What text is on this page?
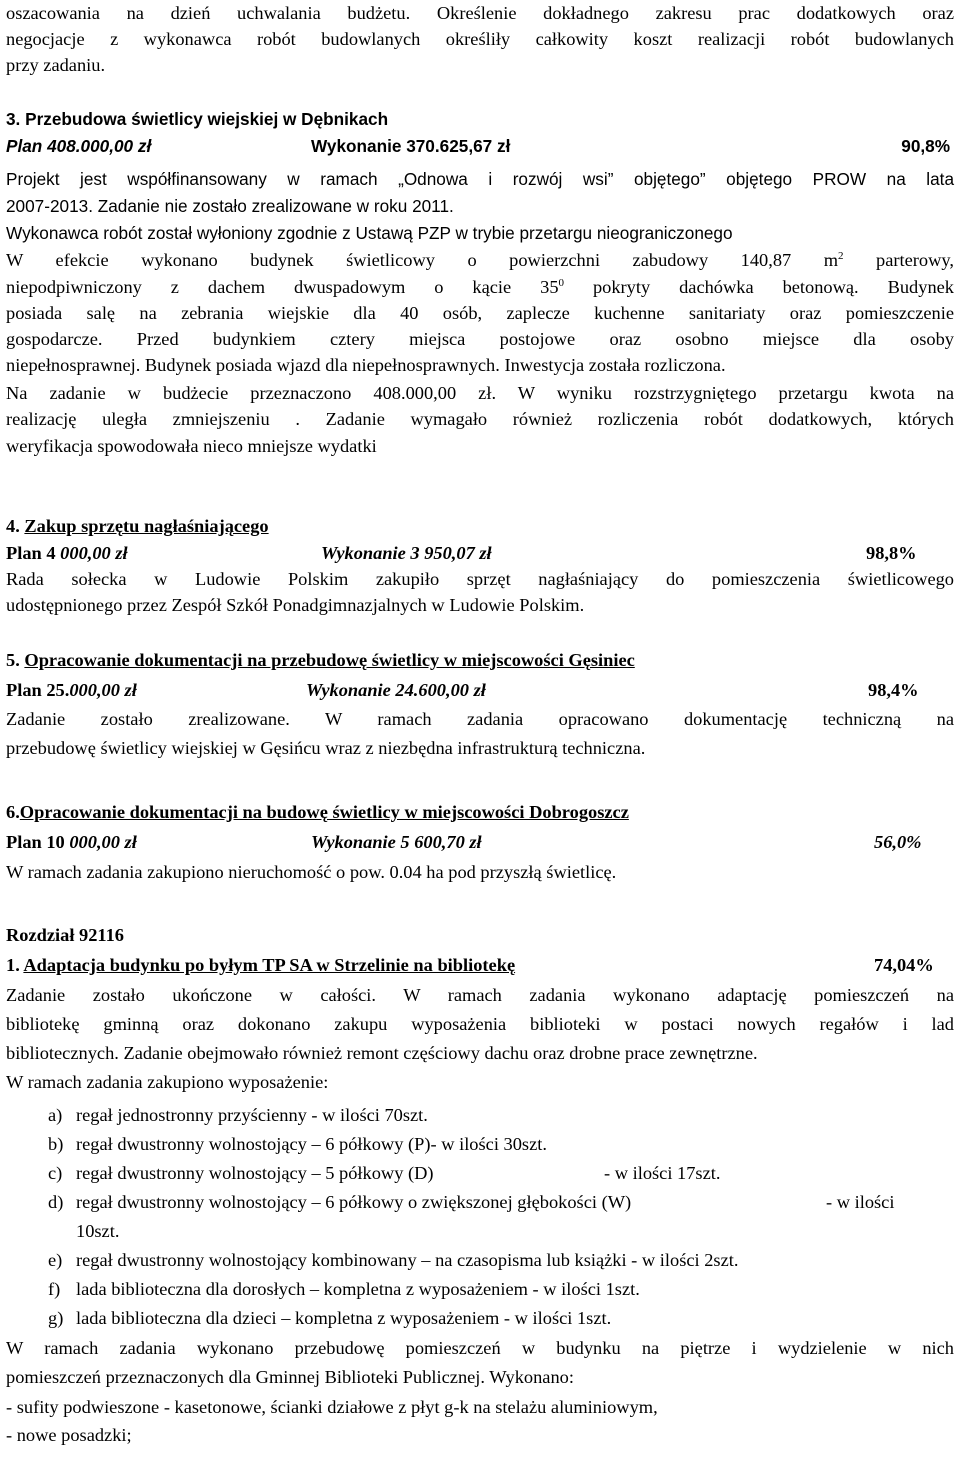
oszacowania na dzień uchwalania budżetu. Określenie dokładnego zakresu prac dodatkowych oraz
negocjacje z wykonawca robót budowlanych określiły całkowity koszt realizacji robót budowlanych
przy zadaniu.
3. Przebudowa świetlicy wiejskiej w Dębnikach
Plan 408.000,00 zł	Wykonanie 370.625,67 zł	90,8%
Projekt jest współfinansowany w ramach „Odnowa i rozwój wsi” objętego” objętego PROW na lata
2007-2013. Zadanie nie zostało zrealizowane w roku 2011.
Wykonawca robót został wyłoniony zgodnie z Ustawą PZP w trybie przetargu nieograniczonego
W efekcie wykonano budynek świetlicowy o powierzchni zabudowy 140,87 $m^2$ parterowy,
niepodpiwniczony z dachem dwuspadowym o kącie $35^0$ pokryty dachówka betonową. Budynek
posiada salę na zebrania wiejskie dla 40 osób, zaplecze kuchenne sanitariaty oraz pomieszczenie
gospodarcze. Przed budynkiem cztery miejsca postojowe oraz osobno miejsce dla osoby
niepełnosprawnej. Budynek posiada wjazd dla niepełnosprawnych. Inwestycja została rozliczona.
Na zadanie w budżecie przeznaczono 408.000,00 zł. W wyniku rozstrzygniętego przetargu kwota na
realizację uległa zmniejszeniu . Zadanie wymagało również rozliczenia robót dodatkowych, których
weryfikacja spowodowała nieco mniejsze wydatki
4. Zakup sprzętu nagłaśniającego
Plan 4 000,00 zł	Wykonanie 3 950,07 zł	98,8%
Rada sołecka w Ludowie Polskim zakupiło sprzęt nagłaśniający do pomieszczenia świetlicowego
udostępnionego przez Zespół Szkół Ponadgimnazjalnych w Ludowie Polskim.
5. Opracowanie dokumentacji na przebudowę świetlicy w miejscowości Gęsiniec
Plan 25.000,00 zł	Wykonanie 24.600,00 zł	98,4%
Zadanie zostało zrealizowane. W ramach zadania opracowano dokumentację techniczną na
przebudowę świetlicy wiejskiej w Gęsińcu wraz z niezbędna infrastrukturą techniczna.
6.Opracowanie dokumentacji na budowę świetlicy w miejscowości Dobrogoszcz
Plan 10 000,00 zł	Wykonanie 5 600,70 zł	56,0%
W ramach zadania zakupiono nieruchomość o pow. 0.04 ha pod przyszłą świetlicę.
Rozdział 92116
1. Adaptacja budynku po byłym TP SA w Strzelinie na bibliotekę	74,04%
Zadanie zostało ukończone w całości. W ramach zadania wykonano adaptację pomieszczeń na
bibliotekę gminną oraz dokonano zakupu wyposażenia biblioteki w postaci nowych regałów i lad
bibliotecznych. Zadanie obejmowało również remont częściowy dachu oraz drobne prace zewnętrzne.
W ramach zadania zakupiono wyposażenie:
a) regał jednostronny przyścienny - w ilości 70szt.
b) regał dwustronny wolnostojący – 6 półkowy (P)- w ilości 30szt.
c) regał dwustronny wolnostojący – 5 półkowy (D)	- w ilości 17szt.
d) regał dwustronny wolnostojący – 6 półkowy o zwiększonej głębokości (W)	- w ilości
10szt.
e) regał dwustronny wolnostojący kombinowany – na czasopisma lub książki - w ilości 2szt.
f) lada biblioteczna dla dorosłych – kompletna z wyposażeniem - w ilości 1szt.
g) lada biblioteczna dla dzieci – kompletna z wyposażeniem - w ilości 1szt.
W ramach zadania wykonano przebudowę pomieszczeń w budynku na piętrze i wydzielenie w nich
pomieszczeń przeznaczonych dla Gminnej Biblioteki Publicznej. Wykonano:
- sufity podwieszone - kasetonowe, ścianki działowe z płyt g-k na stelażu aluminiowym,
- nowe posadzki;
